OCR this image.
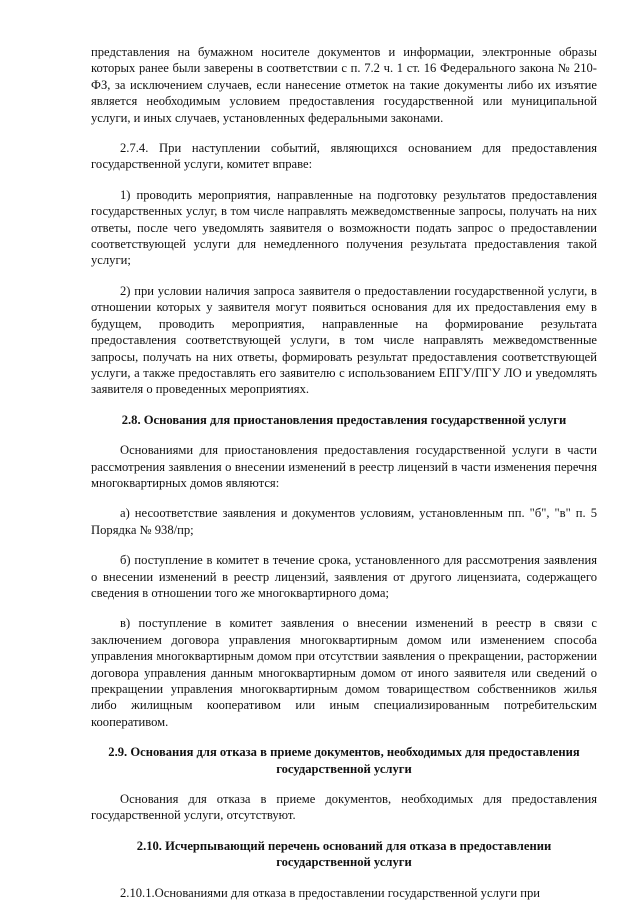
представления на бумажном носителе документов и информации, электронные образы которых ранее были заверены в соответствии с п. 7.2 ч. 1 ст. 16 Федерального закона № 210-ФЗ, за исключением случаев, если нанесение отметок на такие документы либо их изъятие является необходимым условием предоставления государственной или муниципальной услуги, и иных случаев, установленных федеральными законами.

2.7.4. При наступлении событий, являющихся основанием для предоставления государственной услуги, комитет вправе:

1) проводить мероприятия, направленные на подготовку результатов предоставления государственных услуг, в том числе направлять межведомственные запросы, получать на них ответы, после чего уведомлять заявителя о возможности подать запрос о предоставлении соответствующей услуги для немедленного получения результата предоставления такой услуги;

2) при условии наличия запроса заявителя о предоставлении государственной услуги, в отношении которых у заявителя могут появиться основания для их предоставления ему в будущем, проводить мероприятия, направленные на формирование результата предоставления соответствующей услуги, в том числе направлять межведомственные запросы, получать на них ответы, формировать результат предоставления соответствующей услуги, а также предоставлять его заявителю с использованием ЕПГУ/ПГУ ЛО и уведомлять заявителя о проведенных мероприятиях.

2.8. Основания для приостановления предоставления государственной услуги

Основаниями для приостановления предоставления государственной услуги в части рассмотрения заявления о внесении изменений в реестр лицензий в части изменения перечня многоквартирных домов являются:

а) несоответствие заявления и документов условиям, установленным пп. "б", "в" п. 5 Порядка № 938/пр;

б) поступление в комитет в течение срока, установленного для рассмотрения заявления о внесении изменений в реестр лицензий, заявления от другого лицензиата, содержащего сведения в отношении того же многоквартирного дома;

в) поступление в комитет заявления о внесении изменений в реестр в связи с заключением договора управления многоквартирным домом или изменением способа управления многоквартирным домом при отсутствии заявления о прекращении, расторжении договора управления данным многоквартирным домом от иного заявителя или сведений о прекращении управления многоквартирным домом товариществом собственников жилья либо жилищным кооперативом или иным специализированным потребительским кооперативом.

2.9. Основания для отказа в приеме документов, необходимых для предоставления
государственной услуги

Основания для отказа в приеме документов, необходимых для предоставления государственной услуги, отсутствуют.

2.10. Исчерпывающий перечень оснований для отказа в предоставлении
государственной услуги

2.10.1.Основаниями для отказа в предоставлении государственной услуги при
